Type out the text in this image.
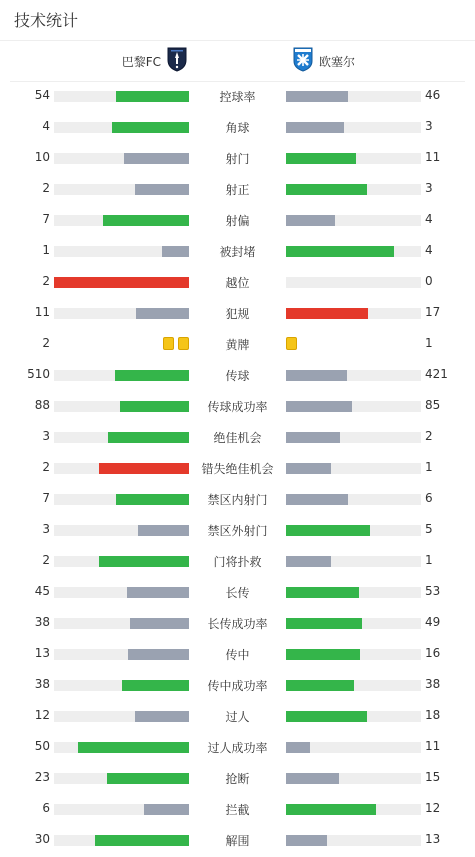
技术统计
巴黎FC	欧塞尔
54	控球率	46
4	角球	3
10	射门	11
2	射正	3
7	射偏	4
1	被封堵	4
2	越位	0
11	犯规	17
2	黄牌	1
510	传球	421
88	传球成功率	85
3	绝佳机会	2
2	错失绝佳机会	1
7	禁区内射门	6
3	禁区外射门	5
2	门将扑救	1
45	长传	53
38	长传成功率	49
13	传中	16
38	传中成功率	38
12	过人	18
50	过人成功率	11
23	抢断	15
6	拦截	12
30	解围	13
